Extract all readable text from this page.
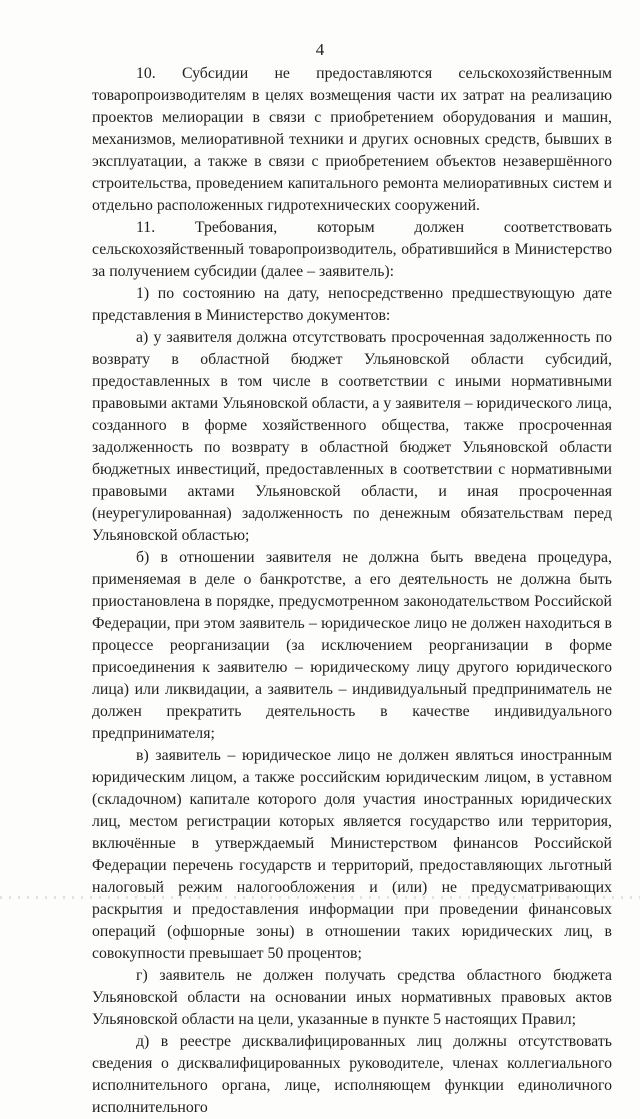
4

10. Субсидии не предоставляются сельскохозяйственным товаропроизводителям в целях возмещения части их затрат на реализацию проектов мелиорации в связи с приобретением оборудования и машин, механизмов, мелиоративной техники и других основных средств, бывших в эксплуатации, а также в связи с приобретением объектов незавершённого строительства, проведением капитального ремонта мелиоративных систем и отдельно расположенных гидротехнических сооружений.

11. Требования, которым должен соответствовать сельскохозяйственный товаропроизводитель, обратившийся в Министерство за получением субсидии (далее – заявитель):

1) по состоянию на дату, непосредственно предшествующую дате представления в Министерство документов:

а) у заявителя должна отсутствовать просроченная задолженность по возврату в областной бюджет Ульяновской области субсидий, предоставленных в том числе в соответствии с иными нормативными правовыми актами Ульяновской области, а у заявителя – юридического лица, созданного в форме хозяйственного общества, также просроченная задолженность по возврату в областной бюджет Ульяновской области бюджетных инвестиций, предоставленных в соответствии с нормативными правовыми актами Ульяновской области, и иная просроченная (неурегулированная) задолженность по денежным обязательствам перед Ульяновской областью;

б) в отношении заявителя не должна быть введена процедура, применяемая в деле о банкротстве, а его деятельность не должна быть приостановлена в порядке, предусмотренном законодательством Российской Федерации, при этом заявитель – юридическое лицо не должен находиться в процессе реорганизации (за исключением реорганизации в форме присоединения к заявителю – юридическому лицу другого юридического лица) или ликвидации, а заявитель – индивидуальный предприниматель не должен прекратить деятельность в качестве индивидуального предпринимателя;

в) заявитель – юридическое лицо не должен являться иностранным юридическим лицом, а также российским юридическим лицом, в уставном (складочном) капитале которого доля участия иностранных юридических лиц, местом регистрации которых является государство или территория, включённые в утверждаемый Министерством финансов Российской Федерации перечень государств и территорий, предоставляющих льготный налоговый режим налогообложения и (или) не предусматривающих раскрытия и предоставления информации при проведении финансовых операций (офшорные зоны) в отношении таких юридических лиц, в совокупности превышает 50 процентов;

г) заявитель не должен получать средства областного бюджета Ульяновской области на основании иных нормативных правовых актов Ульяновской области на цели, указанные в пункте 5 настоящих Правил;

д) в реестре дисквалифицированных лиц должны отсутствовать сведения о дисквалифицированных руководителе, членах коллегиального исполнительного органа, лице, исполняющем функции единоличного исполнительного
